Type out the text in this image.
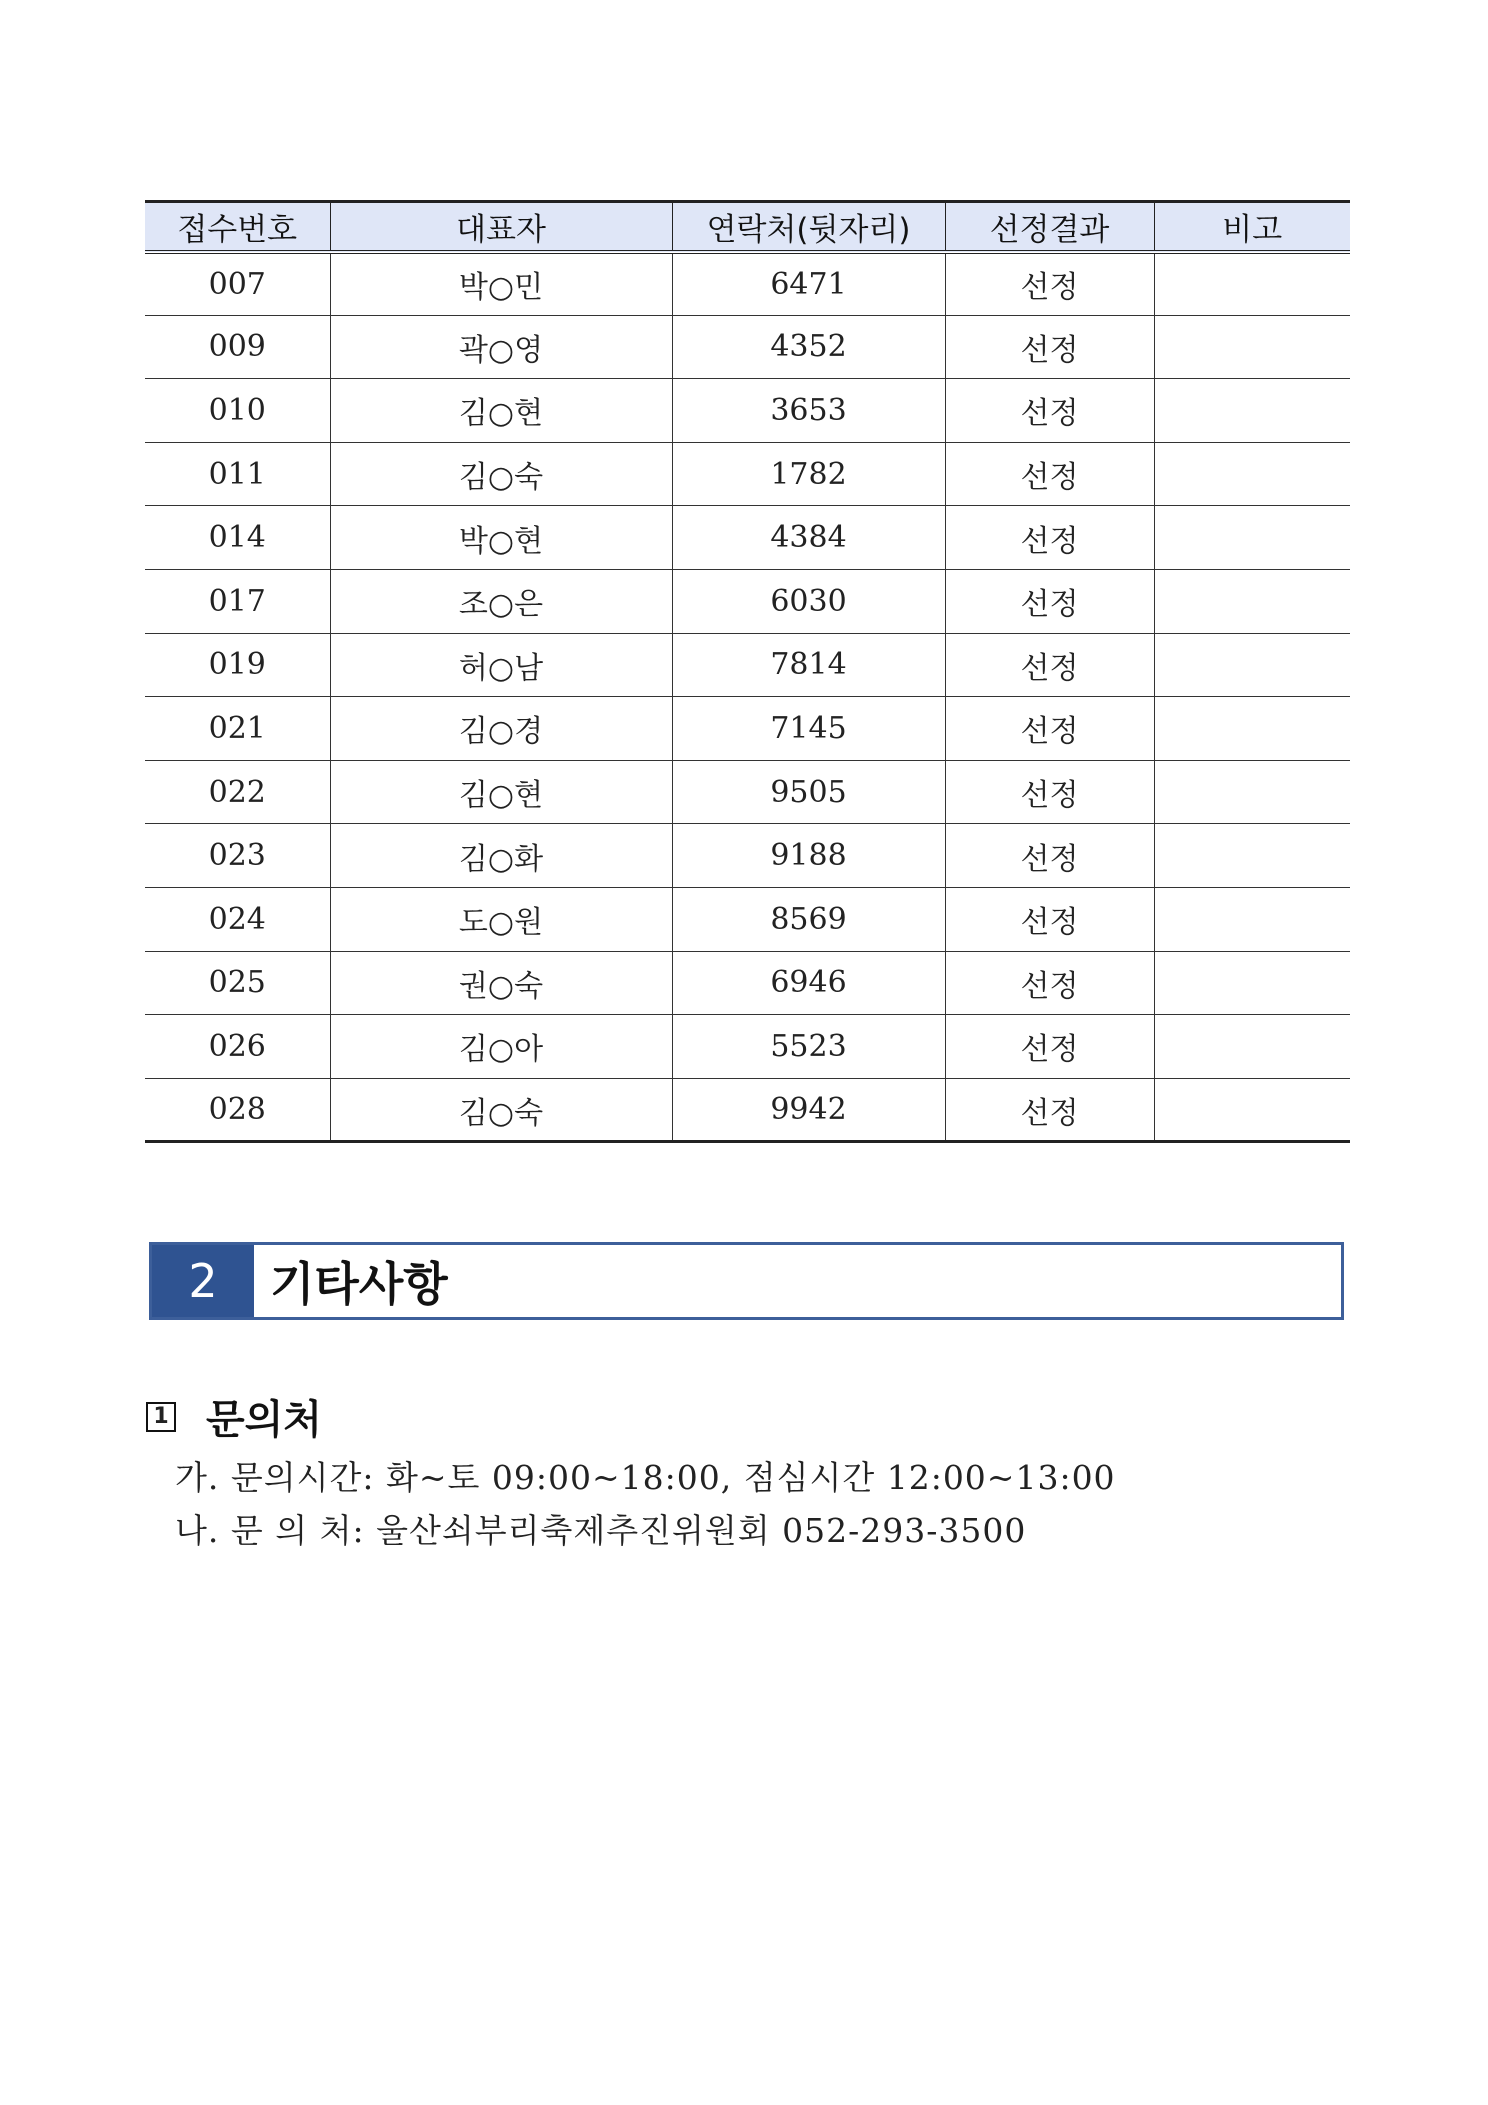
접수번호	대표자	연락처(뒷자리)	선정결과	비고
007	박○민	6471	선정	
009	곽○영	4352	선정	
010	김○현	3653	선정	
011	김○숙	1782	선정	
014	박○현	4384	선정	
017	조○은	6030	선정	
019	허○남	7814	선정	
021	김○경	7145	선정	
022	김○현	9505	선정	
023	김○화	9188	선정	
024	도○원	8569	선정	
025	권○숙	6946	선정	
026	김○아	5523	선정	
028	김○숙	9942	선정	
2	기타사항
1 문의처
가. 문의시간: 화~토 09:00~18:00, 점심시간 12:00~13:00
나. 문 의 처: 울산쇠부리축제추진위원회 052-293-3500
